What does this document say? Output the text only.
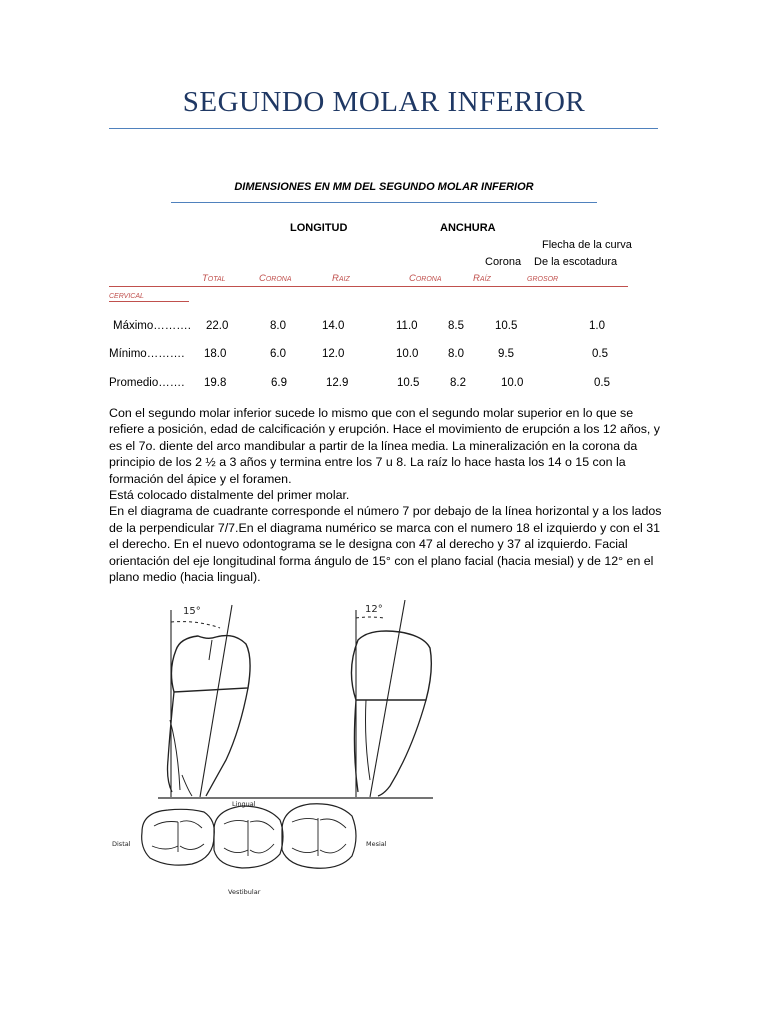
SEGUNDO MOLAR INFERIOR
DIMENSIONES EN MM DEL SEGUNDO MOLAR INFERIOR
LONGITUD	ANCHURA
Flecha de la curva
Corona De la escotadura
Total	Corona	Raiz	Corona	Raíz	grosor
cervical
Máximo………. 22.0	8.0	14.0	11.0	8.5	10.5	1.0
Mínimo………. 18.0	6.0	12.0	10.0	8.0	9.5	0.5
Promedio……. 19.8	6.9	12.9	10.5	8.2	10.0	0.5

Con el segundo molar inferior sucede lo mismo que con el segundo molar superior en lo que se refiere a posición, edad de calcificación y erupción. Hace el movimiento de erupción a los 12 años, y es el 7o. diente del arco mandibular a partir de la línea media. La mineralización en la corona da principio de los 2 ½ a 3 años y termina entre los 7 u 8. La raíz lo hace hasta los 14 o 15 con la formación del ápice y el foramen.

Está colocado distalmente del primer molar.

En el diagrama de cuadrante corresponde el número 7 por debajo de la línea horizontal y a los lados de la perpendicular 7/7.En el diagrama numérico se marca con el numero 18 el izquierdo y con el 31 el derecho. En el nuevo odontograma se le designa con 47 al derecho y 37 al izquierdo. Facial orientación del eje longitudinal forma ángulo de 15° con el plano facial (hacia mesial) y de 12° en el plano medio (hacia lingual).

15°	12°
Lingual
Distal	Mesial
Vestibular
